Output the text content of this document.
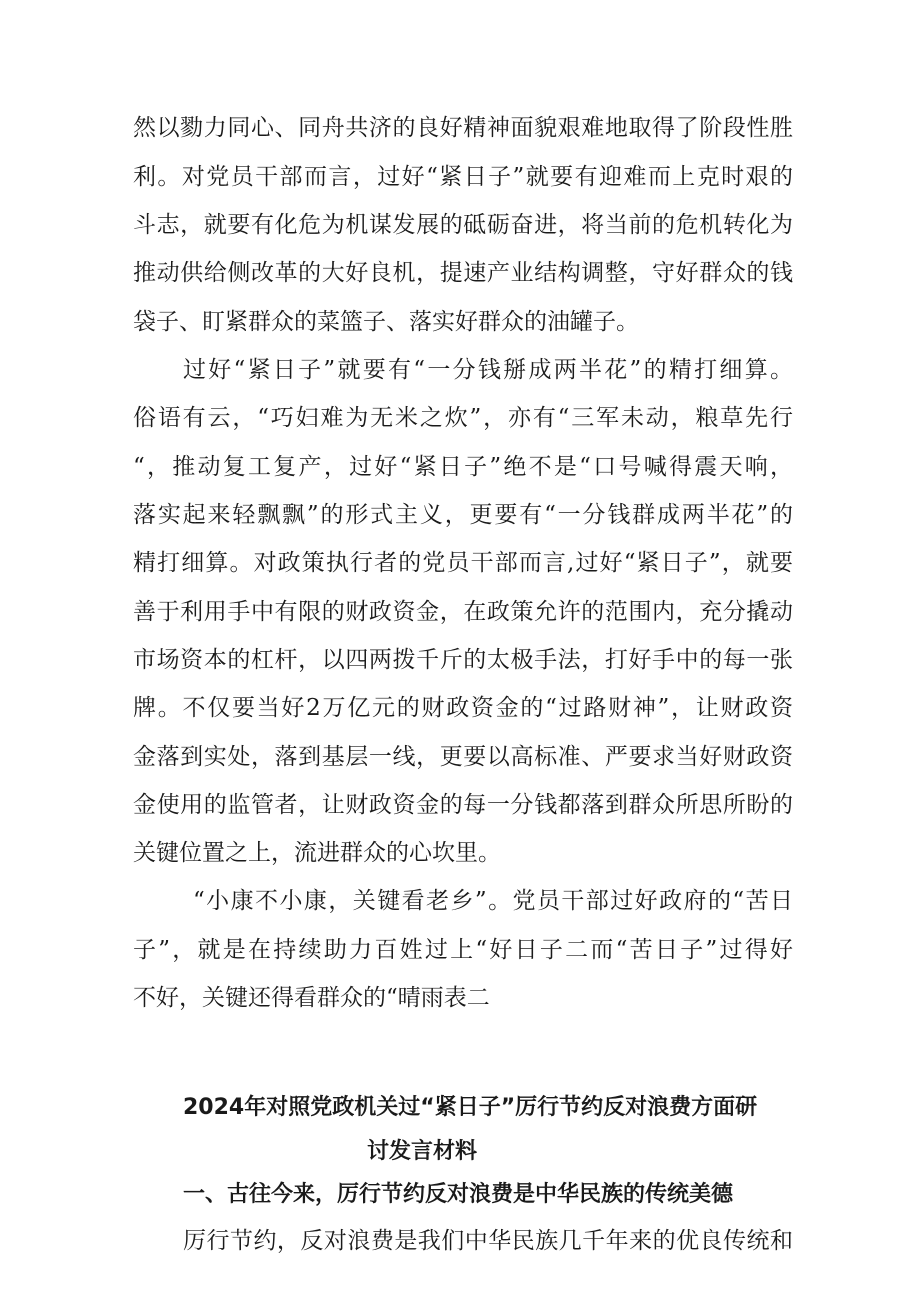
然以勠力同心、同舟共济的良好精神面貌艰难地取得了阶段性胜
利。对党员干部而言，过好“紧日子”就要有迎难而上克时艰的
斗志，就要有化危为机谋发展的砥砺奋进，将当前的危机转化为
推动供给侧改革的大好良机，提速产业结构调整，守好群众的钱
袋子、盯紧群众的菜篮子、落实好群众的油罐子。
过好“紧日子”就要有“一分钱掰成两半花”的精打细算。
俗语有云，“巧妇难为无米之炊”，亦有“三军未动，粮草先行
“，推动复工复产，过好“紧日子”绝不是“口号喊得震天响，
落实起来轻飘飘”的形式主义，更要有“一分钱群成两半花”的
精打细算。对政策执行者的党员干部而言,过好“紧日子”，就要
善于利用手中有限的财政资金，在政策允许的范围内，充分撬动
市场资本的杠杆，以四两拨千斤的太极手法，打好手中的每一张
牌。不仅要当好2万亿元的财政资金的“过路财神”，让财政资
金落到实处，落到基层一线，更要以高标准、严要求当好财政资
金使用的监管者，让财政资金的每一分钱都落到群众所思所盼的
关键位置之上，流进群众的心坎里。
“小康不小康，关键看老乡”。党员干部过好政府的“苦日
子”，就是在持续助力百姓过上“好日子二而“苦日子”过得好
不好，关键还得看群众的“晴雨表二
2024年对照党政机关过“紧日子”厉行节约反对浪费方面研
讨发言材料
一、古往今来，厉行节约反对浪费是中华民族的传统美德
厉行节约，反对浪费是我们中华民族几千年来的优良传统和
